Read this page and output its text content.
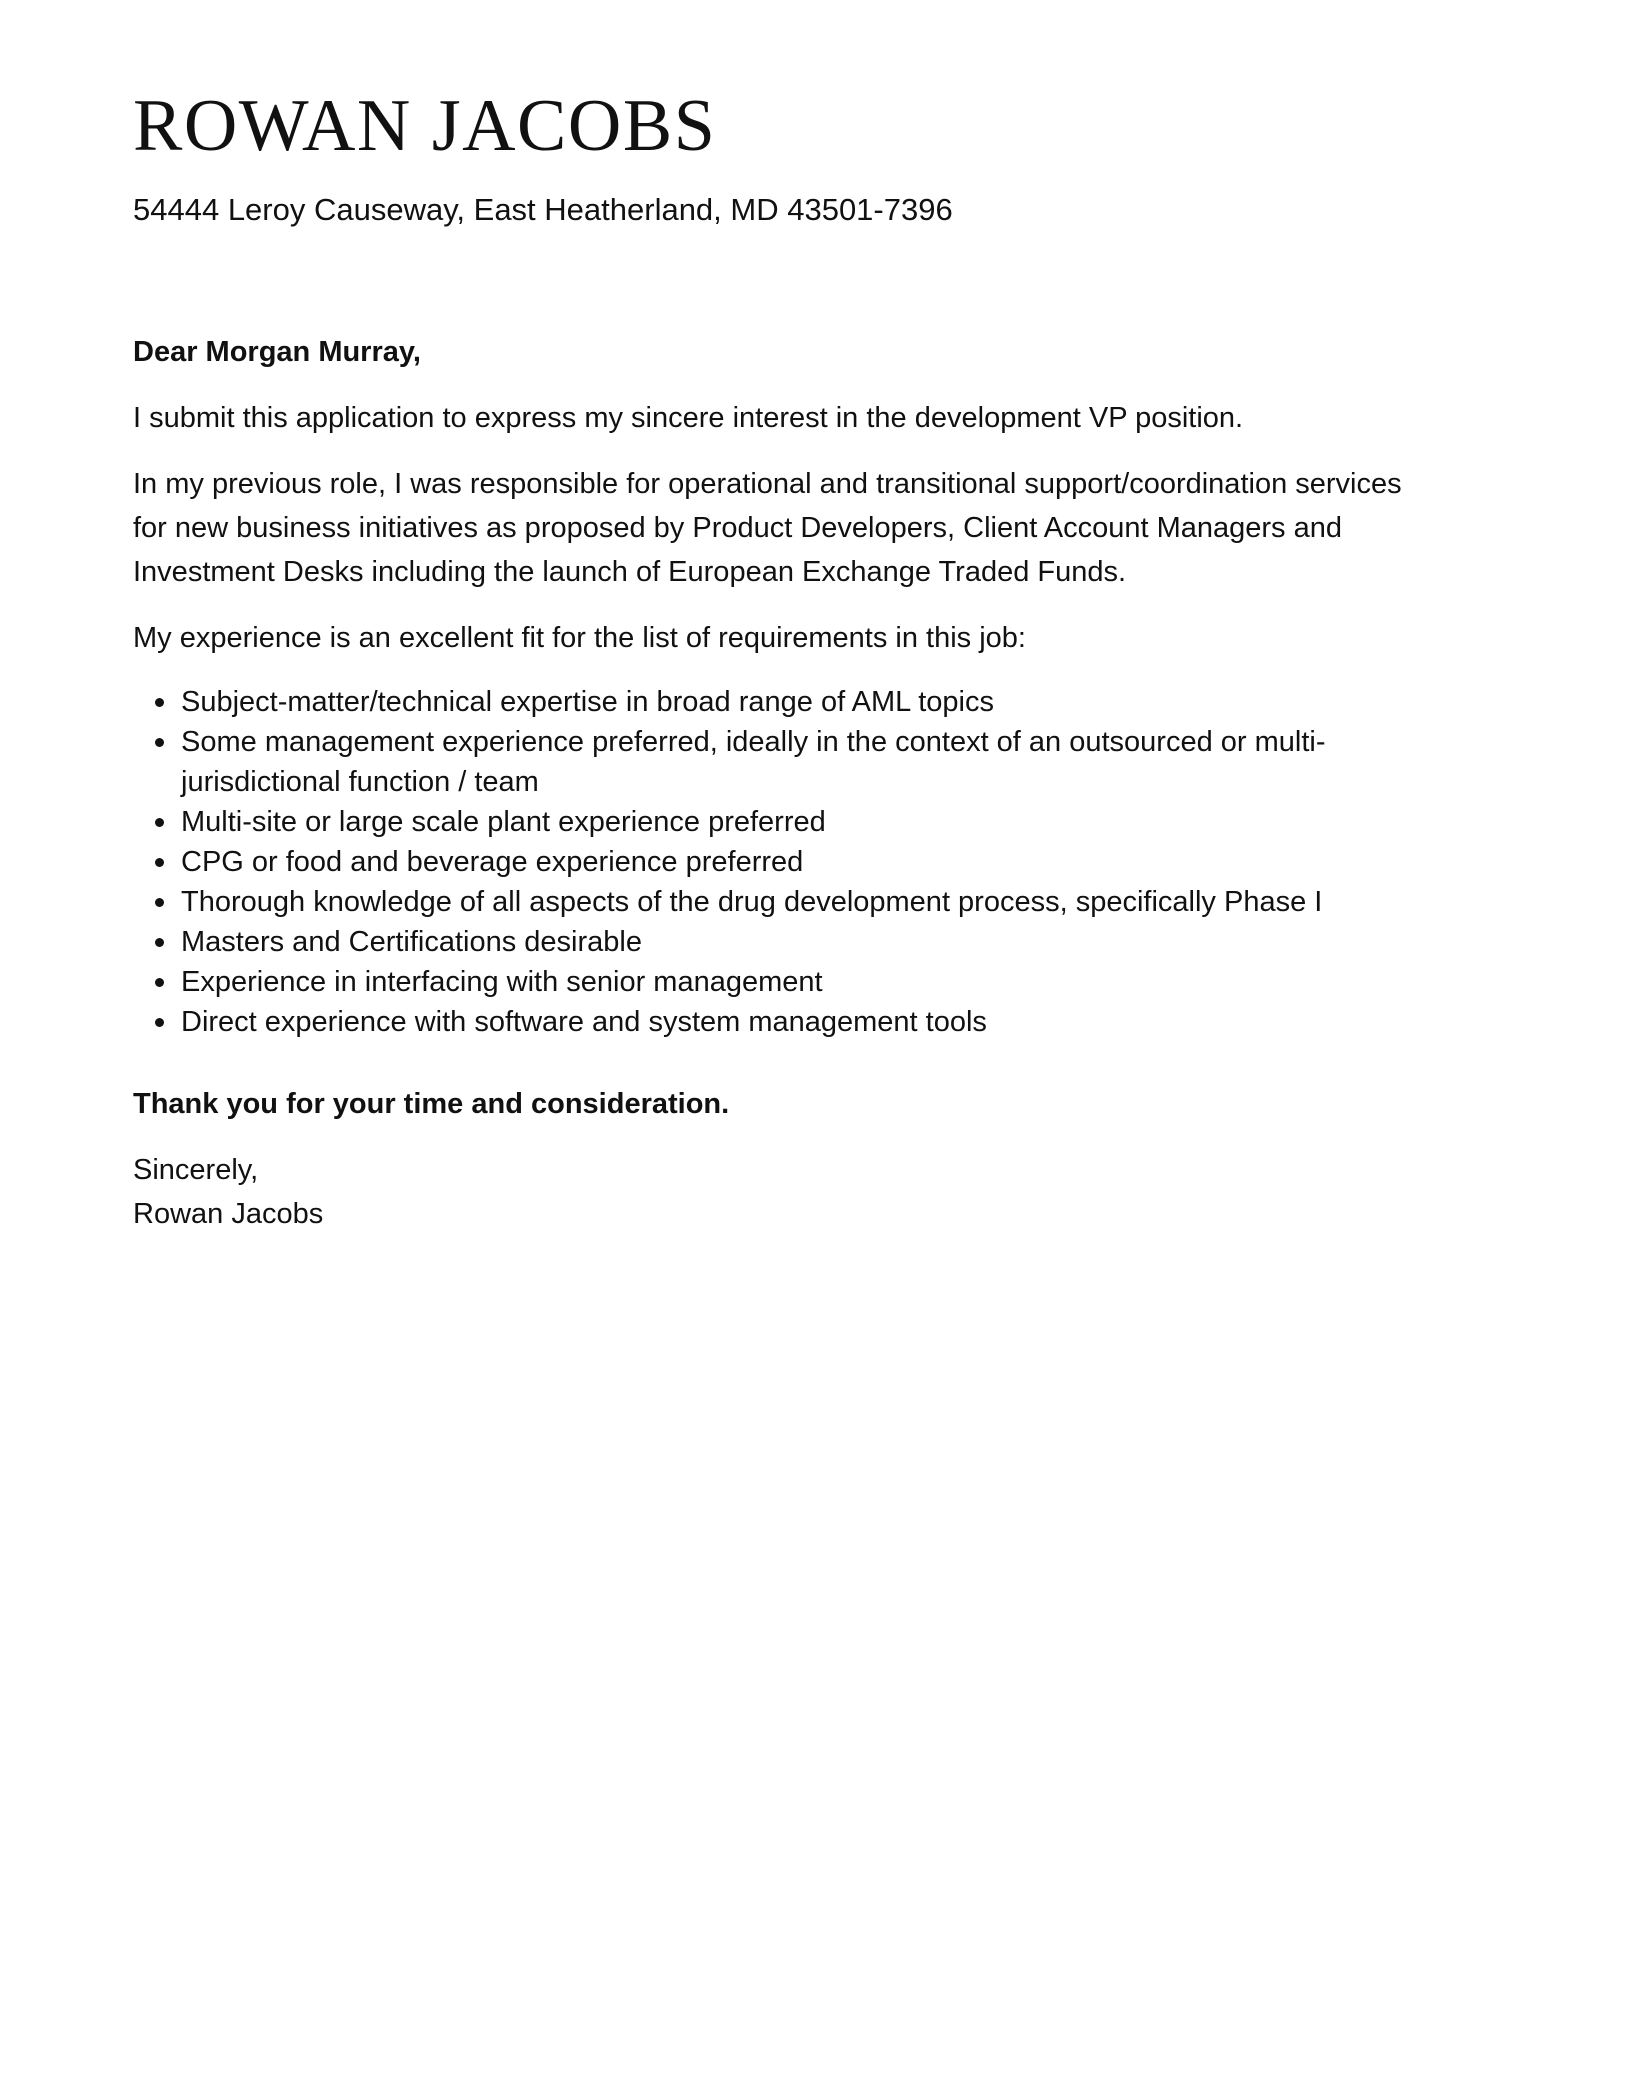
ROWAN JACOBS
54444 Leroy Causeway, East Heatherland, MD 43501-7396

Dear Morgan Murray,

I submit this application to express my sincere interest in the development VP position.

In my previous role, I was responsible for operational and transitional support/coordination services for new business initiatives as proposed by Product Developers, Client Account Managers and Investment Desks including the launch of European Exchange Traded Funds.

My experience is an excellent fit for the list of requirements in this job:

Subject-matter/technical expertise in broad range of AML topics
Some management experience preferred, ideally in the context of an outsourced or multi-jurisdictional function / team
Multi-site or large scale plant experience preferred
CPG or food and beverage experience preferred
Thorough knowledge of all aspects of the drug development process, specifically Phase I
Masters and Certifications desirable
Experience in interfacing with senior management
Direct experience with software and system management tools

Thank you for your time and consideration.

Sincerely,

Rowan Jacobs
